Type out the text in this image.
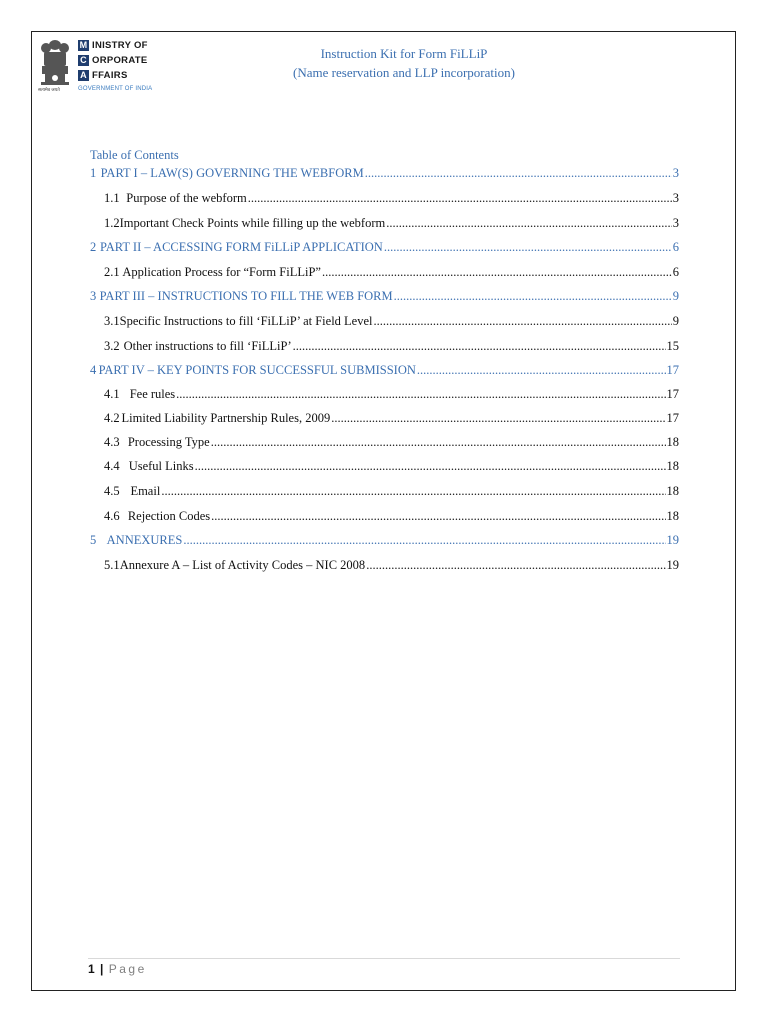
सत्यमेव जयते
M INISTRY OF
C ORPORATE
A FFAIRS
GOVERNMENT OF INDIA
Instruction Kit for Form FiLLiP
(Name reservation and LLP incorporation)
Table of Contents
1 PART I – LAW(S) GOVERNING THE WEBFORM .....	3
1.1 Purpose of the webform .....	3
1.2 Important Check Points while filling up the webform .....	3
2 PART II – ACCESSING FORM FiLLiP APPLICATION .....	6
2.1 Application Process for “Form FiLLiP” .....	6
3 PART III – INSTRUCTIONS TO FILL THE WEB FORM .....	9
3.1 Specific Instructions to fill ‘FiLLiP’ at Field Level .....	9
3.2 Other instructions to fill ‘FiLLiP’ .....	15
4 PART IV – KEY POINTS FOR SUCCESSFUL SUBMISSION .....	17
4.1 Fee rules .....	17
4.2 Limited Liability Partnership Rules, 2009 .....	17
4.3 Processing Type .....	18
4.4 Useful Links .....	18
4.5 Email .....	18
4.6 Rejection Codes .....	18
5 ANNEXURES .....	19
5.1 Annexure A – List of Activity Codes – NIC 2008 .....	19
1 | Page
